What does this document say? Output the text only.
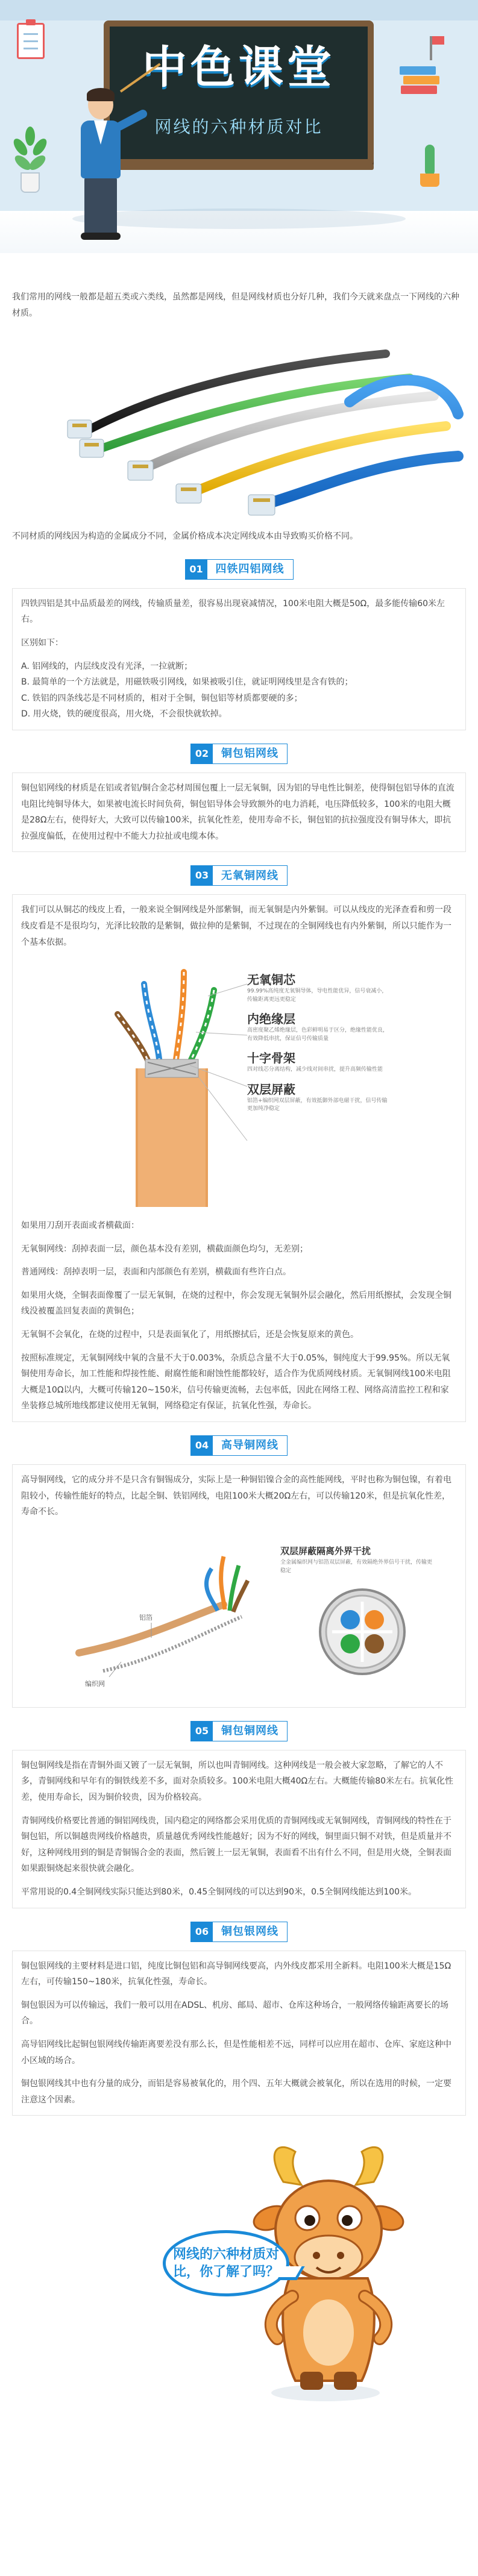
中色课堂
网线的六种材质对比

我们常用的网线一般都是超五类或六类线，虽然都是网线，但是网线材质也分好几种，我们今天就来盘点一下网线的六种材质。

不同材质的网线因为构造的金属成分不同，金属价格成本决定网线成本由导致购买价格不同。

01	四铁四铝网线

四铁四铝是其中品质最差的网线，传输质量差，很容易出现衰减情况，100米电阻大概是50Ω，最多能传输60米左右。

区别如下：

A. 铝网线的，内层线皮没有光泽，一拉就断；
B. 最简单的一个方法就是，用磁铁吸引网线，如果被吸引住，就证明网线里是含有铁的；
C. 铁铝的四条线芯是不同材质的，相对于全铜，铜包铝等材质都要硬的多；
D. 用火烧，铁的硬度很高，用火烧，不会很快就软掉。

02	铜包铝网线

铜包铝网线的材质是在铝或者铝/铜合金芯材周围包覆上一层无氧铜，因为铝的导电性比铜差，使得铜包铝导体的直流电阻比纯铜导体大，如果被电流长时间负荷，铜包铝导体会导致额外的电力消耗，电压降低较多，100米的电阻大概是28Ω左右，使得好大，大致可以传输100米，抗氧化性差，使用寿命不长，铜包铝的抗拉强度没有铜导体大，即抗拉强度偏低，在使用过程中不能大力拉扯或电缆本体。

03	无氧铜网线

我们可以从铜芯的线皮上看，一般来说全铜网线是外部紫铜，而无氧铜是内外紫铜。可以从线皮的光泽查看和剪一段线皮看是不是很均匀，光泽比较散的是紫铜，做拉伸的是紫铜，不过现在的全铜网线也有内外紫铜，所以只能作为一个基本依据。

无氧铜芯
99.99%高纯度无氧铜导体，导电性能优异，信号衰减小，传输距离更远更稳定
内绝缘层
高密度聚乙烯绝缘层，色彩鲜明易于区分，绝缘性能优良，有效降低串扰，保证信号传输质量
十字骨架
四对线芯分离结构，减少线对间串扰，提升高频传输性能
双层屏蔽
铝箔+编织网双层屏蔽，有效抵御外部电磁干扰，信号传输更加纯净稳定

如果用刀刮开表面或者横截面：

无氧铜网线：刮掉表面一层，颜色基本没有差别，横截面颜色均匀，无差别；

普通网线：刮掉表明一层，表面和内部颜色有差别，横截面有些许白点。

如果用火烧，全铜表面像覆了一层无氧铜，在烧的过程中，你会发现无氧铜外层会融化，然后用纸擦拭，会发现全铜线没被覆盖回复表面的黄铜色；

无氧铜不会氧化，在烧的过程中，只是表面氧化了，用纸擦拭后，还是会恢复原来的黄色。

按照标准规定，无氧铜网线中氧的含量不大于0.003%，杂质总含量不大于0.05%，铜纯度大于99.95%。所以无氧铜使用寿命长，加工性能和焊接性能、耐腐性能和耐蚀性能都较好，适合作为优质网线材质。无氧铜网线100米电阻大概是10Ω以内，大概可传输120~150米，信号传输更流畅，去包率低，因此在网络工程、网络高清监控工程和家坐装修总城所地线都建议使用无氧铜，网络稳定有保证，抗氧化性强，寿命长。

04	高导铜网线

高导铜网线，它的成分并不是只含有铜锡成分，实际上是一种铜铝镍合金的高性能网线，平时也称为铜包镍，有着电阻较小，传输性能好的特点，比起全铜、铁铝网线，电阻100米大概20Ω左右，可以传输120米，但是抗氧化性差，寿命不长。

铝箔
编织网
双层屏蔽隔离外界干扰
全金属编织网与铝箔双层屏蔽，有效隔绝外界信号干扰，传输更稳定
05	铜包铜网线

铜包铜网线是指在青铜外面又镀了一层无氧铜，所以也叫青铜网线。这种网线是一般会被大家忽略，了解它的人不多，青铜网线和早年有的铜铁线差不多，面对杂质较多。100米电阻大概40Ω左右。大概能传输80米左右。抗氧化性差，使用寿命长，因为铜价较贵，因为价格较高。

青铜网线价格要比普通的铜铝网线贵，国内稳定的网络都会采用优质的青铜网线或无氧铜网线，青铜网线的特性在于铜包铝，所以铜越贵网线价格越贵，质量越优秀网线性能越好；因为不好的网线，铜里面只铜不对铁，但是质量并不好，这种网线用到的铜是青铜锡合金的表面，然后镀上一层无氧铜，表面看不出有什么不同，但是用火烧，全铜表面如果跟铜烧起来很快就会融化。

平常用说的0.4全铜网线实际只能达到80米，0.45全铜网线的可以达到90米，0.5全铜网线能达到100米。

06	铜包银网线

铜包银网线的主要材料是进口铝，纯度比铜包铝和高导铜网线要高，内外线皮都采用全新料。电阻100米大概是15Ω左右，可传输150~180米，抗氧化性强，寿命长。

铜包银因为可以传输远，我们一般可以用在ADSL、机房、邮局、超市、仓库这种场合，一般网络传输距离要长的场合。

高导铝网线比起铜包银网线传输距离要差没有那么长，但是性能相差不远，同样可以应用在超市、仓库、家庭这种中小区域的场合。

铜包银网线其中也有分量的成分，而铝是容易被氧化的，用个四、五年大概就会被氧化，所以在选用的时候，一定要注意这个因素。

网线的六种材质对比，你了解了吗？
